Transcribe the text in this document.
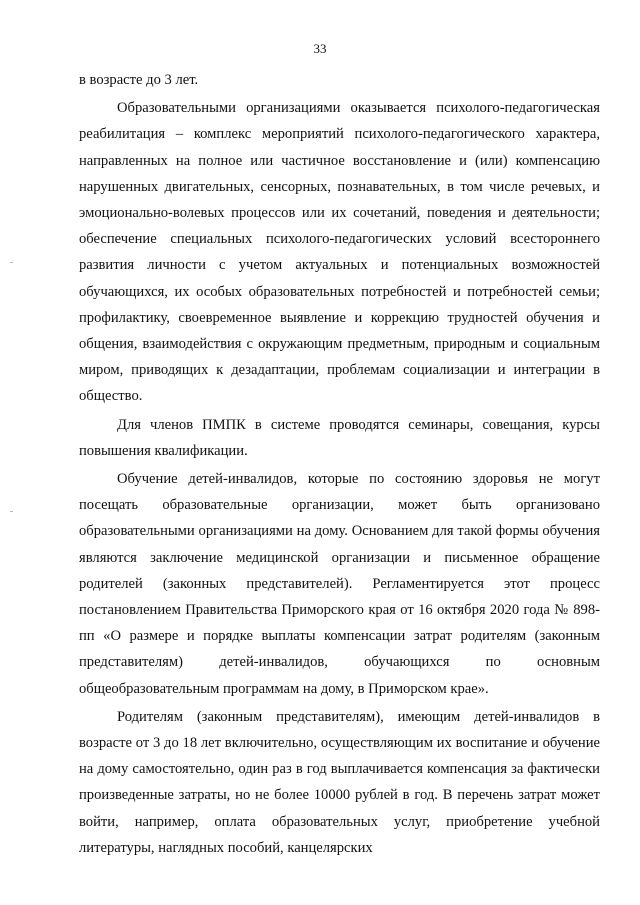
33

в возрасте до 3 лет.

Образовательными организациями оказывается психолого-педагогическая реабилитация – комплекс мероприятий психолого-педагогического характера, направленных на полное или частичное восстановление и (или) компенсацию нарушенных двигательных, сенсорных, познавательных, в том числе речевых, и эмоционально-волевых процессов или их сочетаний, поведения и деятельности; обеспечение специальных психолого-педагогических условий всестороннего развития личности с учетом актуальных и потенциальных возможностей обучающихся, их особых образовательных потребностей и потребностей семьи; профилактику, своевременное выявление и коррекцию трудностей обучения и общения, взаимодействия с окружающим предметным, природным и социальным миром, приводящих к дезадаптации, проблемам социализации и интеграции в общество.

Для членов ПМПК в системе проводятся семинары, совещания, курсы повышения квалификации.

Обучение детей-инвалидов, которые по состоянию здоровья не могут посещать образовательные организации, может быть организовано образовательными организациями на дому. Основанием для такой формы обучения являются заключение медицинской организации и письменное обращение родителей (законных представителей). Регламентируется этот процесс постановлением Правительства Приморского края от 16 октября 2020 года № 898-пп «О размере и порядке выплаты компенсации затрат родителям (законным представителям) детей-инвалидов, обучающихся по основным общеобразовательным программам на дому, в Приморском крае».

Родителям (законным представителям), имеющим детей-инвалидов в возрасте от 3 до 18 лет включительно, осуществляющим их воспитание и обучение на дому самостоятельно, один раз в год выплачивается компенсация за фактически произведенные затраты, но не более 10000 рублей в год. В перечень затрат может войти, например, оплата образовательных услуг, приобретение учебной литературы, наглядных пособий, канцелярских
